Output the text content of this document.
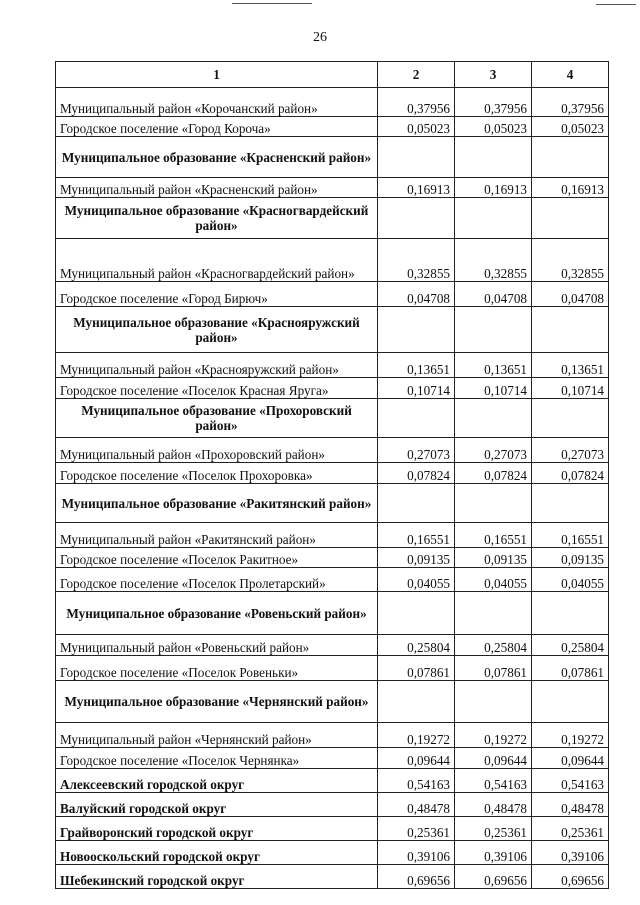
26
1	2	3	4
Муниципальный район «Корочанский район»	0,37956	0,37956	0,37956
Городское поселение «Город Короча»	0,05023	0,05023	0,05023
Муниципальное образование «Красненский район»			
Муниципальный район «Красненский район»	0,16913	0,16913	0,16913
Муниципальное образование «Красногвардейский район»			
Муниципальный район «Красногвардейский район»	0,32855	0,32855	0,32855
Городское поселение «Город Бирюч»	0,04708	0,04708	0,04708
Муниципальное образование «Краснояружский район»			
Муниципальный район «Краснояружский район»	0,13651	0,13651	0,13651
Городское поселение «Поселок Красная Яруга»	0,10714	0,10714	0,10714
Муниципальное образование «Прохоровский район»			
Муниципальный район «Прохоровский район»	0,27073	0,27073	0,27073
Городское поселение «Поселок Прохоровка»	0,07824	0,07824	0,07824
Муниципальное образование «Ракитянский район»			
Муниципальный район «Ракитянский район»	0,16551	0,16551	0,16551
Городское поселение «Поселок Ракитное»	0,09135	0,09135	0,09135
Городское поселение «Поселок Пролетарский»	0,04055	0,04055	0,04055
Муниципальное образование «Ровеньский район»			
Муниципальный район «Ровеньский район»	0,25804	0,25804	0,25804
Городское поселение «Поселок Ровеньки»	0,07861	0,07861	0,07861
Муниципальное образование «Чернянский район»			
Муниципальный район «Чернянский район»	0,19272	0,19272	0,19272
Городское поселение «Поселок Чернянка»	0,09644	0,09644	0,09644
Алексеевский городской округ	0,54163	0,54163	0,54163
Валуйский городской округ	0,48478	0,48478	0,48478
Грайворонский городской округ	0,25361	0,25361	0,25361
Новооскольский городской округ	0,39106	0,39106	0,39106
Шебекинский городской округ	0,69656	0,69656	0,69656
